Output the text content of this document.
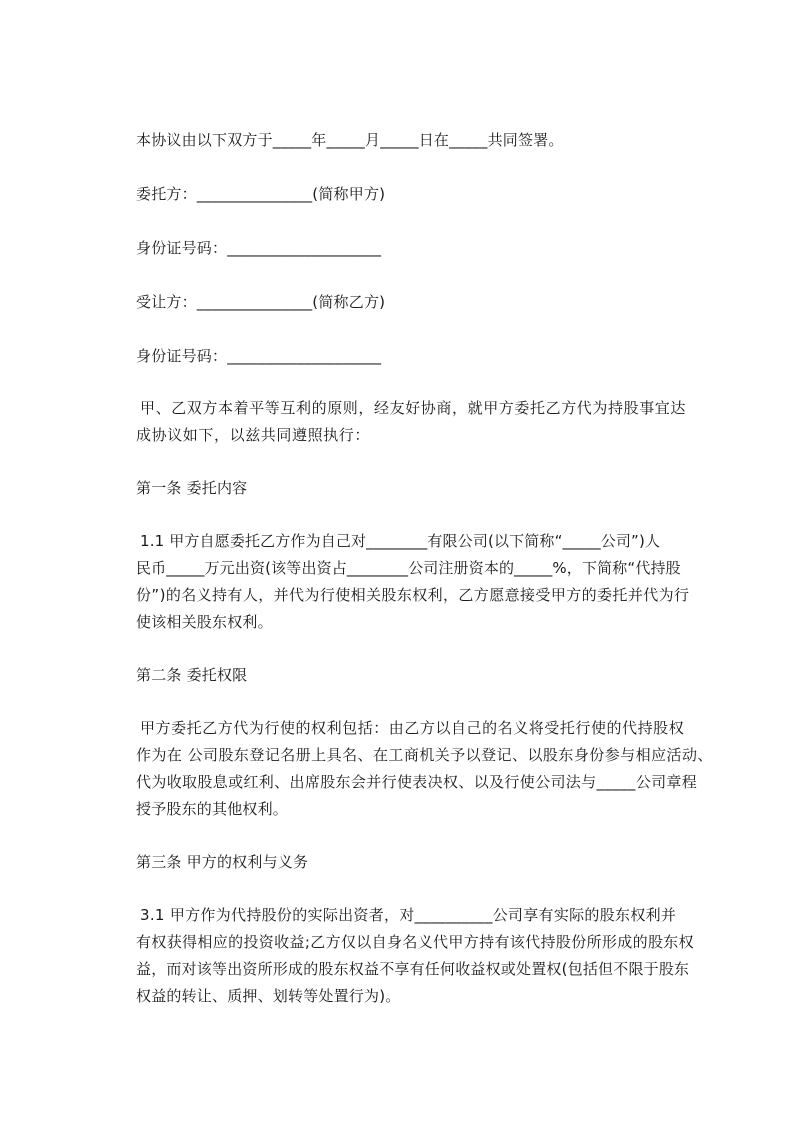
本协议由以下双方于_____年_____月_____日在_____共同签署。
委托方：_______________(简称甲方)
身份证号码：____________________
受让方：_______________(简称乙方)
身份证号码：____________________
甲、乙双方本着平等互利的原则，经友好协商，就甲方委托乙方代为持股事宜达
成协议如下，以兹共同遵照执行：
第一条 委托内容
1.1 甲方自愿委托乙方作为自己对________有限公司(以下简称“_____公司”)人
民币_____万元出资(该等出资占________公司注册资本的_____%，下简称“代持股
份”)的名义持有人，并代为行使相关股东权利，乙方愿意接受甲方的委托并代为行
使该相关股东权利。
第二条 委托权限
甲方委托乙方代为行使的权利包括：由乙方以自己的名义将受托行使的代持股权
作为在 公司股东登记名册上具名、在工商机关予以登记、以股东身份参与相应活动、
代为收取股息或红利、出席股东会并行使表决权、以及行使公司法与_____公司章程
授予股东的其他权利。
第三条 甲方的权利与义务
3.1 甲方作为代持股份的实际出资者，对__________公司享有实际的股东权利并
有权获得相应的投资收益;乙方仅以自身名义代甲方持有该代持股份所形成的股东权
益，而对该等出资所形成的股东权益不享有任何收益权或处置权(包括但不限于股东
权益的转让、质押、划转等处置行为)。
